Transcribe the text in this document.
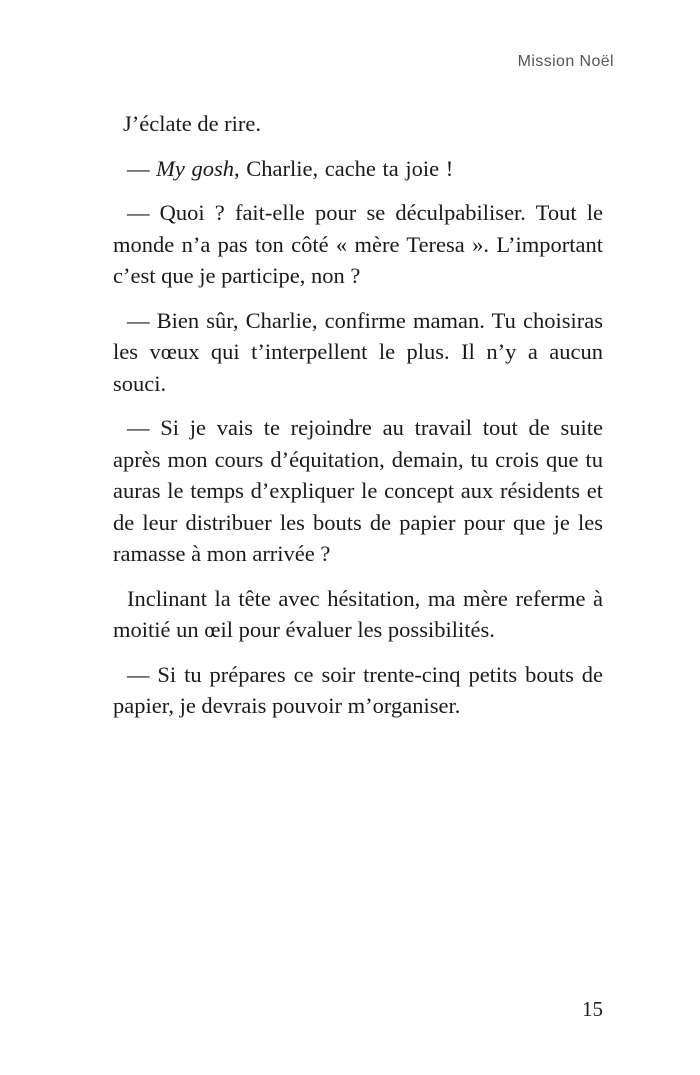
Mission Noël

J’éclate de rire.

— My gosh, Charlie, cache ta joie !

— Quoi ? fait-elle pour se déculpabiliser. Tout le monde n’a pas ton côté « mère Teresa ». L’important c’est que je participe, non ?

— Bien sûr, Charlie, confirme maman. Tu choisiras les vœux qui t’interpellent le plus. Il n’y a aucun souci.

— Si je vais te rejoindre au travail tout de suite après mon cours d’équitation, demain, tu crois que tu auras le temps d’expliquer le concept aux résidents et de leur distribuer les bouts de papier pour que je les ramasse à mon arrivée ?

Inclinant la tête avec hésitation, ma mère referme à moitié un œil pour évaluer les possibilités.

— Si tu prépares ce soir trente-cinq petits bouts de papier, je devrais pouvoir m’organiser.

15
